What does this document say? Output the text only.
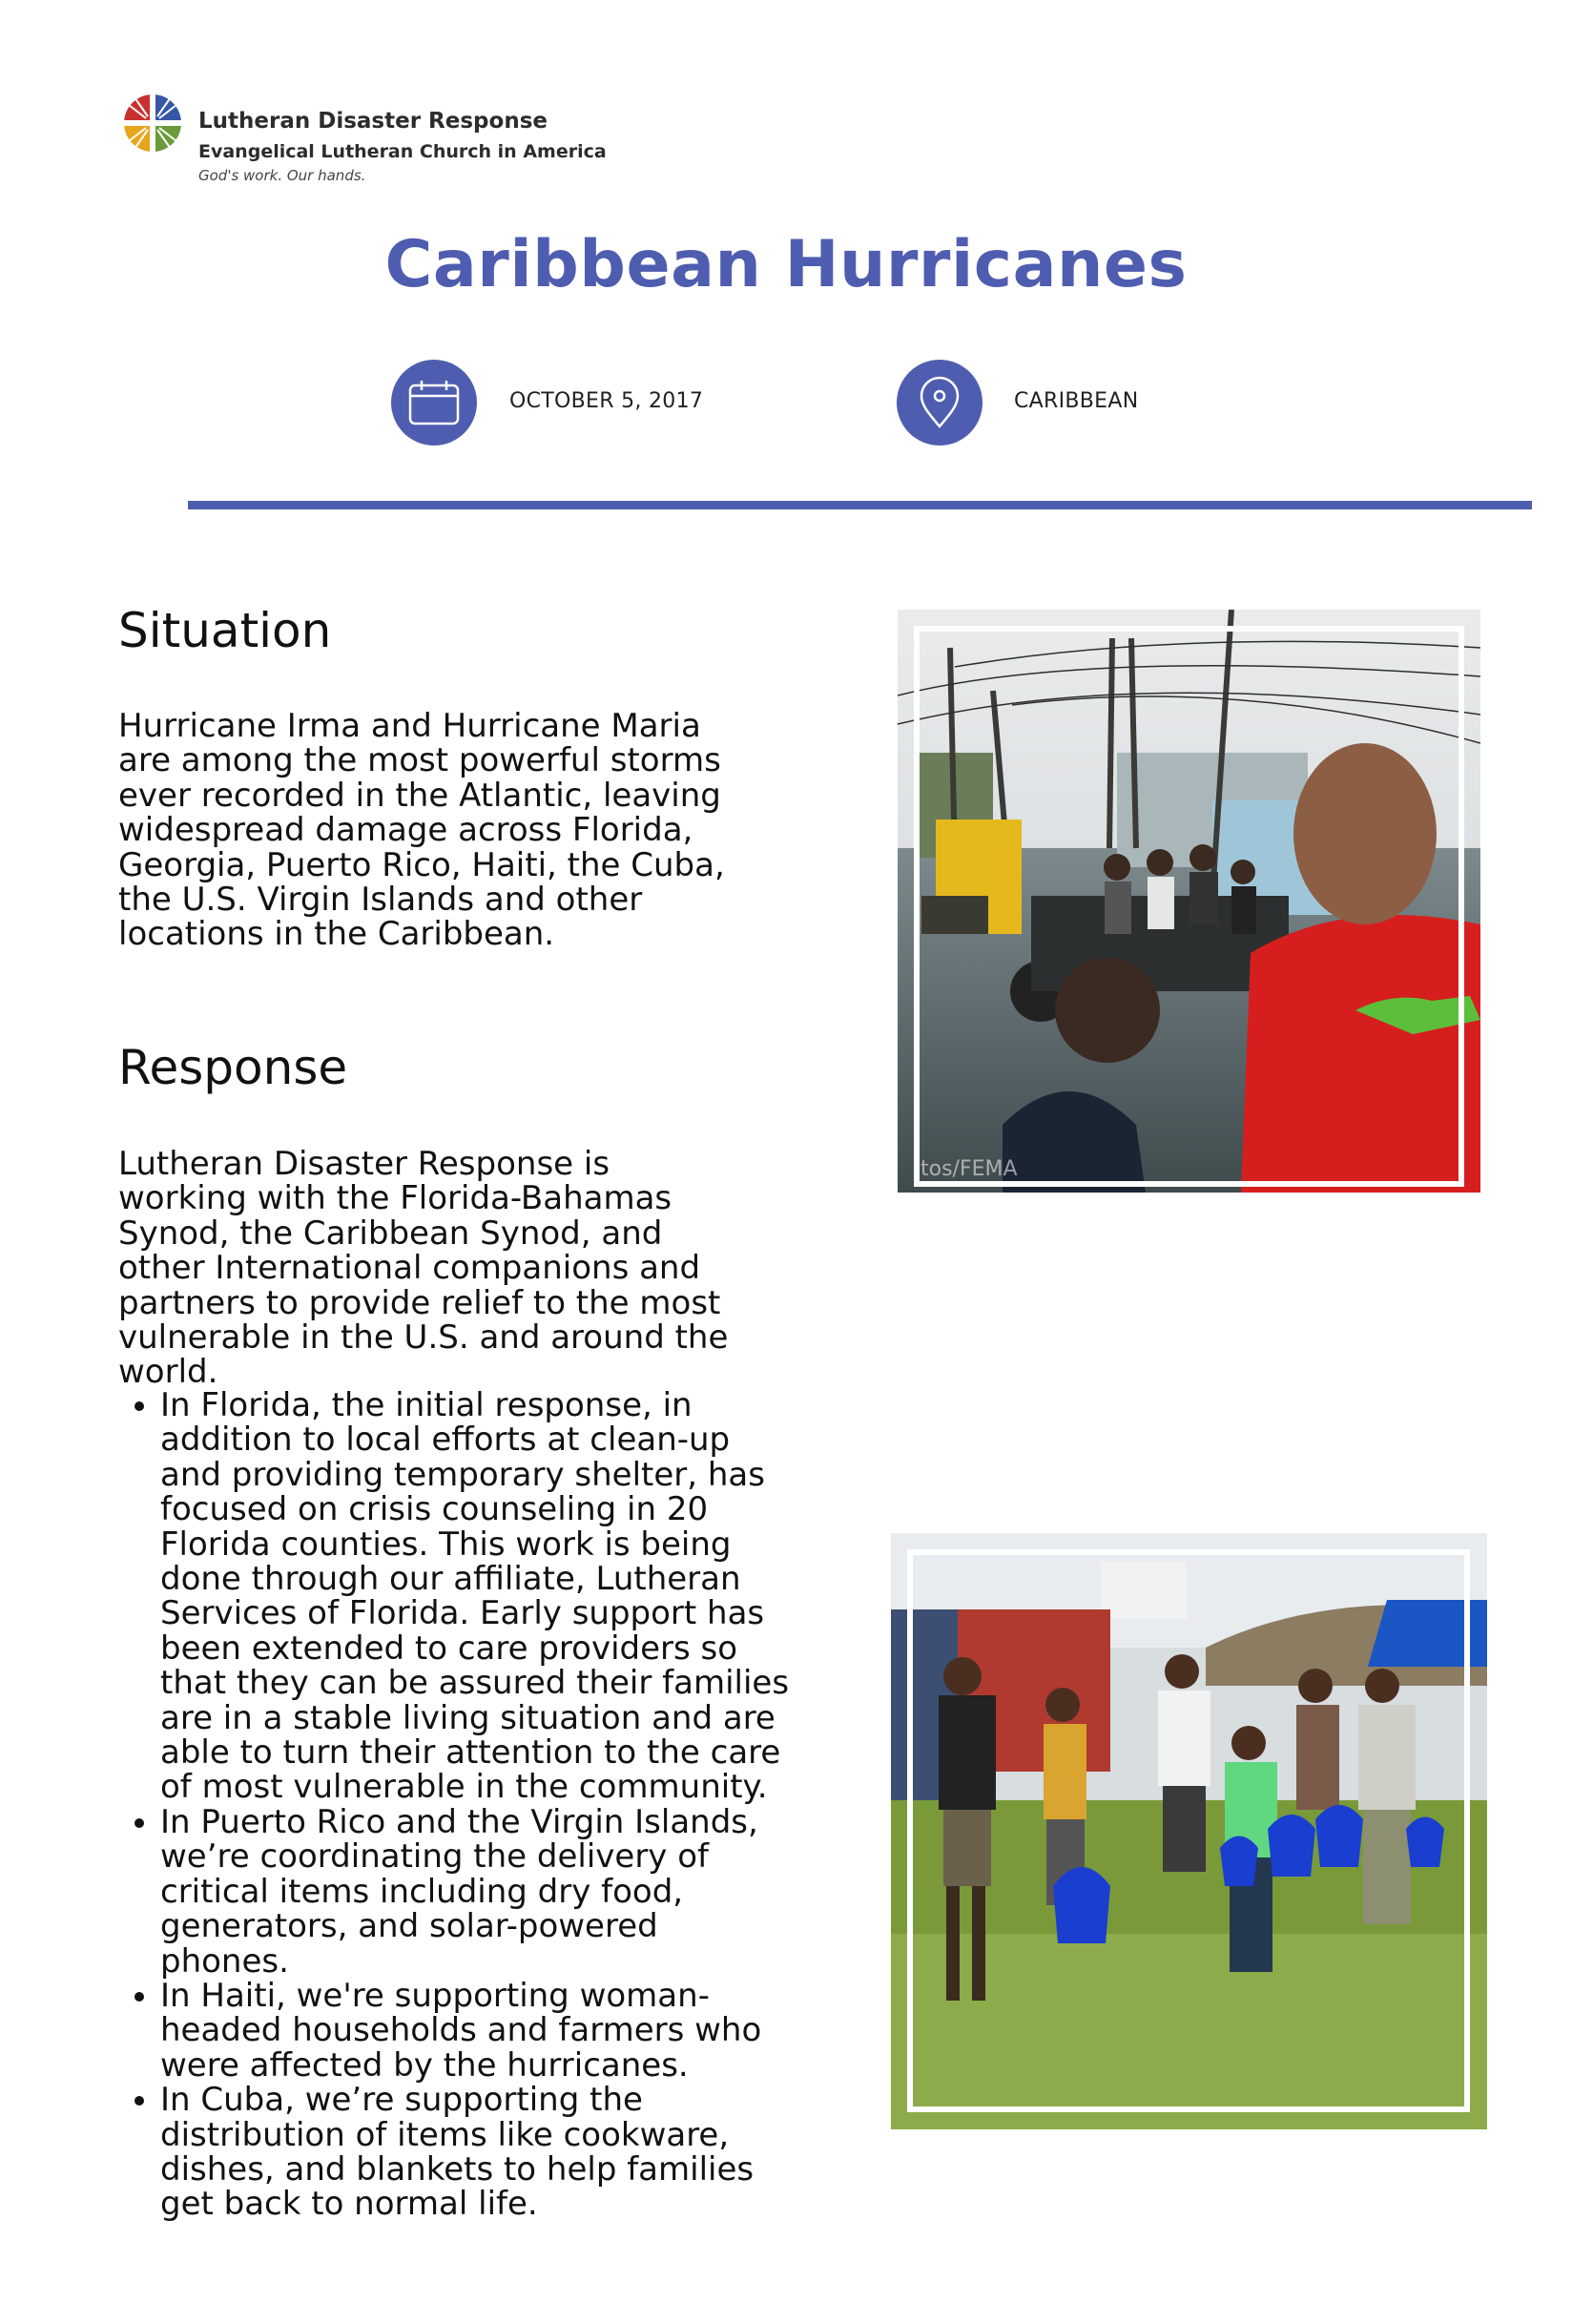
Lutheran Disaster Response
Evangelical Lutheran Church in America
God's work. Our hands.
Caribbean Hurricanes
OCTOBER 5, 2017	CARIBBEAN
Situation
Hurricane Irma and Hurricane Maria are among the most powerful storms ever recorded in the Atlantic, leaving widespread damage across Florida, Georgia, Puerto Rico, Haiti, the Cuba, the U.S. Virgin Islands and other locations in the Caribbean.
Response
Lutheran Disaster Response is working with the Florida-Bahamas Synod, the Caribbean Synod, and other International companions and partners to provide relief to the most vulnerable in the U.S. and around the world.
• In Florida, the initial response, in addition to local efforts at clean-up and providing temporary shelter, has focused on crisis counseling in 20 Florida counties. This work is being done through our affiliate, Lutheran Services of Florida. Early support has been extended to care providers so that they can be assured their families are in a stable living situation and are able to turn their attention to the care of most vulnerable in the community.
• In Puerto Rico and the Virgin Islands, we’re coordinating the delivery of critical items including dry food, generators, and solar-powered phones.
• In Haiti, we're supporting woman-headed households and farmers who were affected by the hurricanes.
• In Cuba, we’re supporting the distribution of items like cookware, dishes, and blankets to help families get back to normal life.
tos/FEMA
